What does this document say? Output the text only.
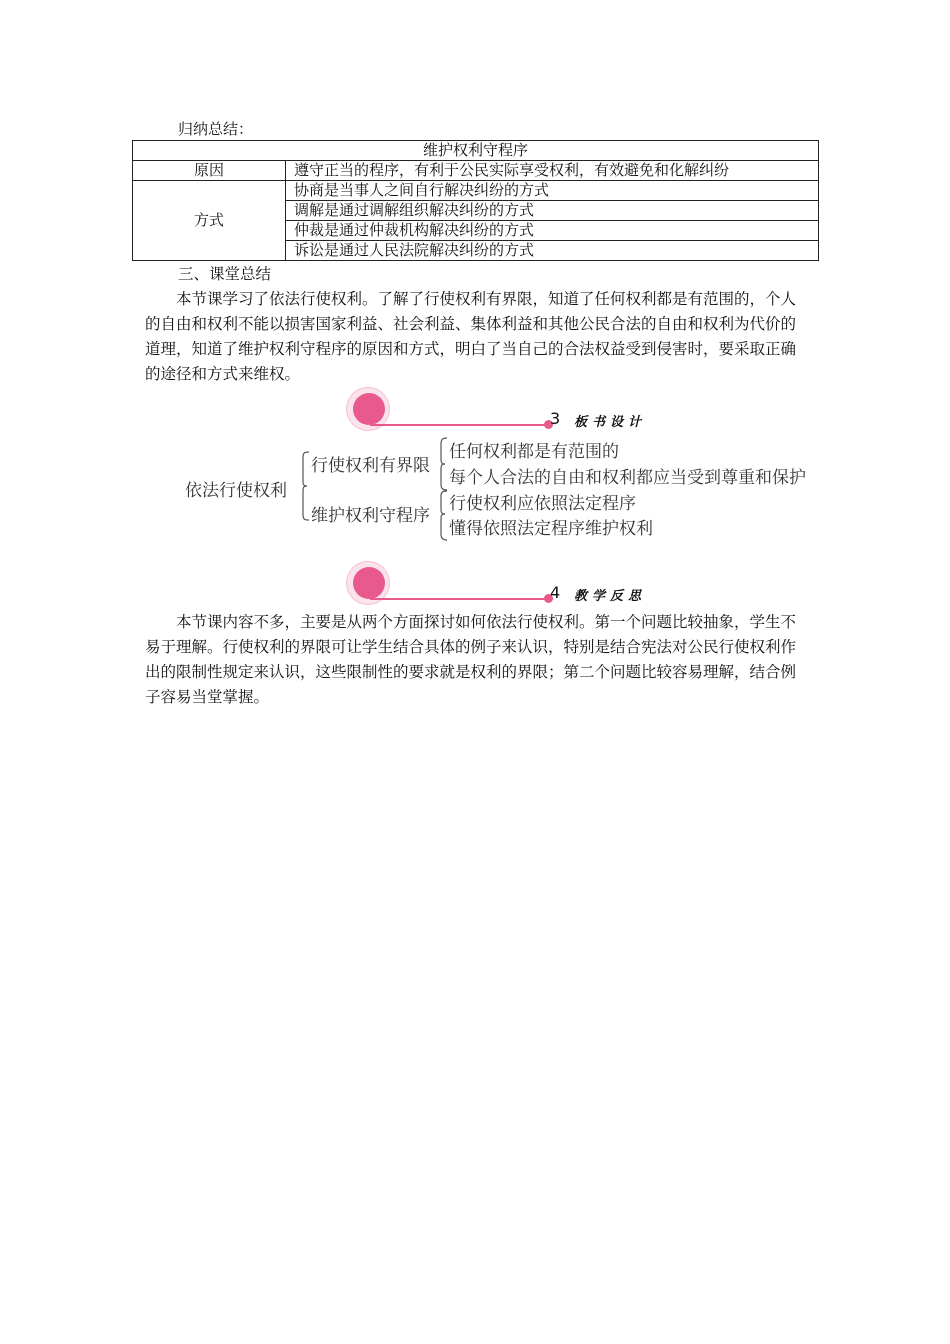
归纳总结：
维护权利守程序	
原因	遵守正当的程序，有利于公民实际享受权利，有效避免和化解纠纷
方式	协商是当事人之间自行解决纠纷的方式
	调解是通过调解组织解决纠纷的方式
	仲裁是通过仲裁机构解决纠纷的方式
	诉讼是通过人民法院解决纠纷的方式
三、课堂总结
本节课学习了依法行使权利。了解了行使权利有界限，知道了任何权利都是有范围的，个人的自由和权利不能以损害国家利益、社会利益、集体利益和其他公民合法的自由和权利为代价的道理，知道了维护权利守程序的原因和方式，明白了当自己的合法权益受到侵害时，要采取正确的途径和方式来维权。
3 板书设计
依法行使权利
行使权利有界限
维护权利守程序
任何权利都是有范围的
每个人合法的自由和权利都应当受到尊重和保护
行使权利应依照法定程序
懂得依照法定程序维护权利
4 教学反思
本节课内容不多，主要是从两个方面探讨如何依法行使权利。第一个问题比较抽象，学生不易于理解。行使权利的界限可让学生结合具体的例子来认识，特别是结合宪法对公民行使权利作出的限制性规定来认识，这些限制性的要求就是权利的界限；第二个问题比较容易理解，结合例子容易当堂掌握。
